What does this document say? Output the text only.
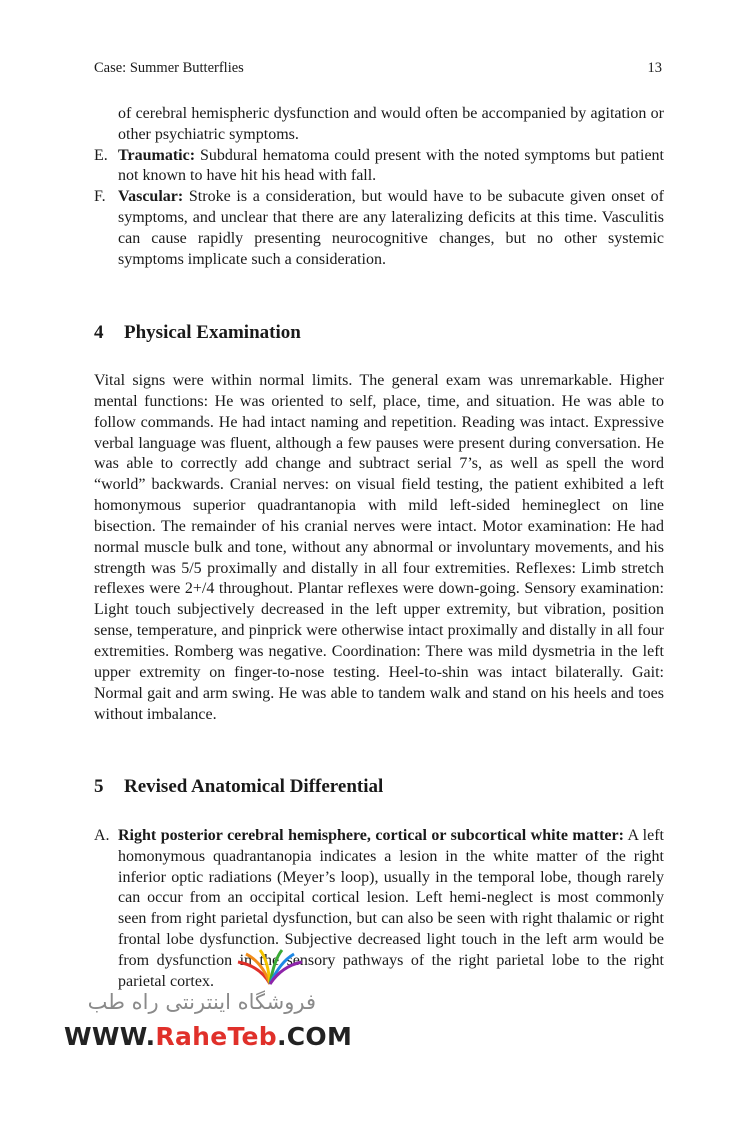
Case: Summer Butterflies	13

of cerebral hemispheric dysfunction and would often be accompanied by agitation or other psychiatric symptoms.

E. Traumatic: Subdural hematoma could present with the noted symptoms but patient not known to have hit his head with fall.

F. Vascular: Stroke is a consideration, but would have to be subacute given onset of symptoms, and unclear that there are any lateralizing deficits at this time. Vasculitis can cause rapidly presenting neurocognitive changes, but no other systemic symptoms implicate such a consideration.

4 Physical Examination

Vital signs were within normal limits. The general exam was unremarkable. Higher mental functions: He was oriented to self, place, time, and situation. He was able to follow commands. He had intact naming and repetition. Reading was intact. Expressive verbal language was fluent, although a few pauses were present during conversation. He was able to correctly add change and subtract serial 7’s, as well as spell the word “world” backwards. Cranial nerves: on visual field testing, the patient exhibited a left homonymous superior quadrantanopia with mild left-sided hemineglect on line bisection. The remainder of his cranial nerves were intact. Motor examination: He had normal muscle bulk and tone, without any abnormal or involuntary movements, and his strength was 5/5 proximally and distally in all four extremities. Reflexes: Limb stretch reflexes were 2+/4 throughout. Plantar reflexes were down-going. Sensory examination: Light touch subjectively decreased in the left upper extremity, but vibration, position sense, temperature, and pinprick were otherwise intact proximally and distally in all four extremities. Romberg was negative. Coordination: There was mild dysmetria in the left upper extremity on finger-to-nose testing. Heel-to-shin was intact bilaterally. Gait: Normal gait and arm swing. He was able to tandem walk and stand on his heels and toes without imbalance.

5 Revised Anatomical Differential

A. Right posterior cerebral hemisphere, cortical or subcortical white matter: A left homonymous quadrantanopia indicates a lesion in the white matter of the right inferior optic radiations (Meyer’s loop), usually in the temporal lobe, though rarely can occur from an occipital cortical lesion. Left hemi-neglect is most commonly seen from right parietal dysfunction, but can also be seen with right thalamic or right frontal lobe dysfunction. Subjective decreased light touch in the left arm would be from dysfunction in the sensory pathways of the right parietal lobe to the right parietal cortex.

فروشگاه اینترنتی راه طب
WWW.RaheTeb.COM
